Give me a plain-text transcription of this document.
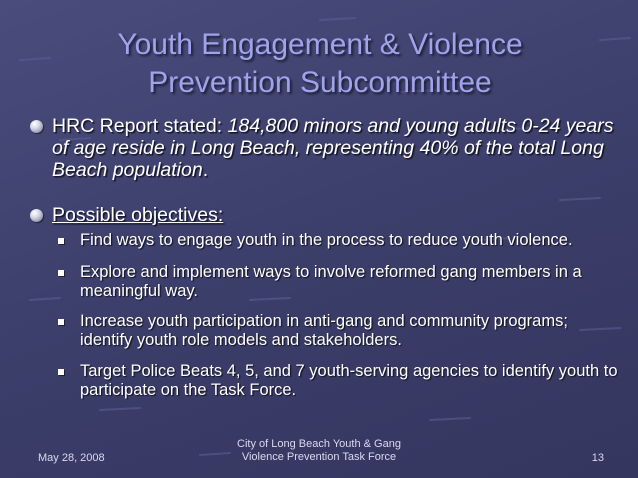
Youth Engagement & Violence
Prevention Subcommittee
HRC Report stated: 184,800 minors and young adults 0-24 years of age reside in Long Beach, representing 40% of the total Long Beach population.
Possible objectives:
Find ways to engage youth in the process to reduce youth violence.
Explore and implement ways to involve reformed gang members in a meaningful way.
Increase youth participation in anti-gang and community programs; identify youth role models and stakeholders.
Target Police Beats 4, 5, and 7 youth-serving agencies to identify youth to participate on the Task Force.
May 28, 2008
City of Long Beach Youth & Gang
Violence Prevention Task Force	13
